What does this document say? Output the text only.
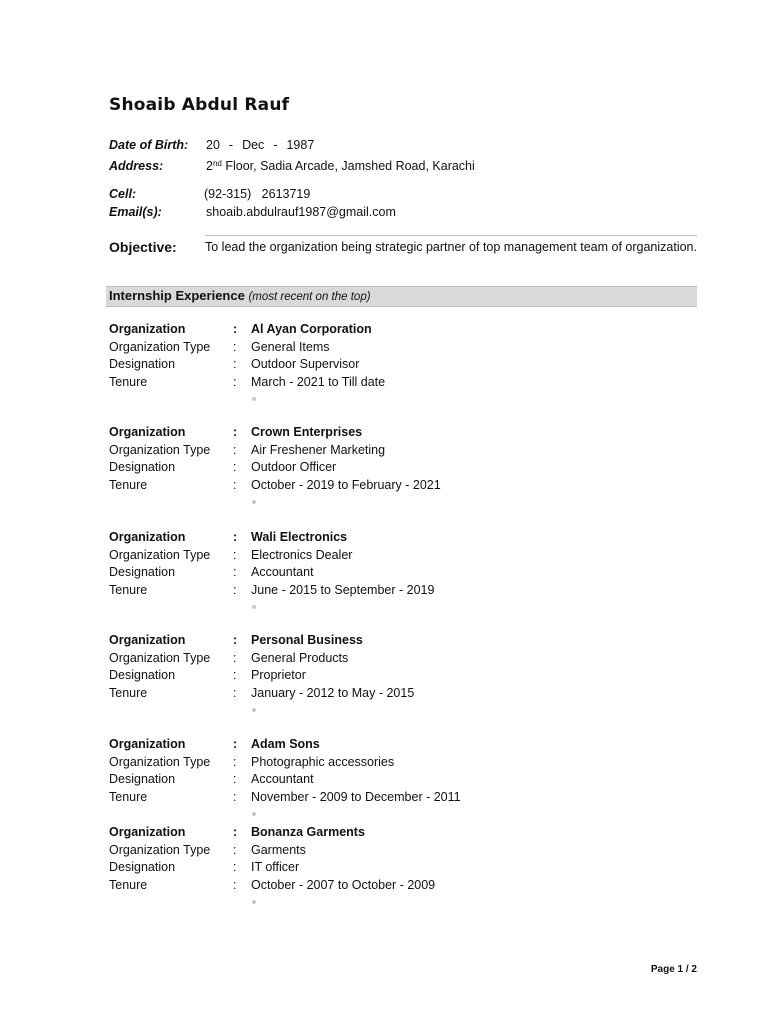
Shoaib Abdul Rauf
Date of Birth: 20 - Dec - 1987
Address:	2nd Floor, Sadia Arcade, Jamshed Road, Karachi
Cell:	(92-315) 2613719
Email(s):	shoaib.abdulrauf1987@gmail.com
Objective: To lead the organization being strategic partner of top management team of organization.
Internship Experience (most recent on the top)
Organization	: Al Ayan Corporation
Organization Type : General Items
Designation	: Outdoor Supervisor
Tenure	: March - 2021 to Till date
Organization	: Crown Enterprises
Organization Type : Air Freshener Marketing
Designation	: Outdoor Officer
Tenure	: October - 2019 to February - 2021
Organization	: Wali Electronics
Organization Type : Electronics Dealer
Designation	: Accountant
Tenure	: June - 2015 to September - 2019
Organization	: Personal Business
Organization Type : General Products
Designation	: Proprietor
Tenure	: January - 2012 to May - 2015
Organization	: Adam Sons
Organization Type : Photographic accessories
Designation	: Accountant
Tenure	: November - 2009 to December - 2011
Organization	: Bonanza Garments
Organization Type : Garments
Designation	: IT officer
Tenure	: October - 2007 to October - 2009
Page 1 / 2
